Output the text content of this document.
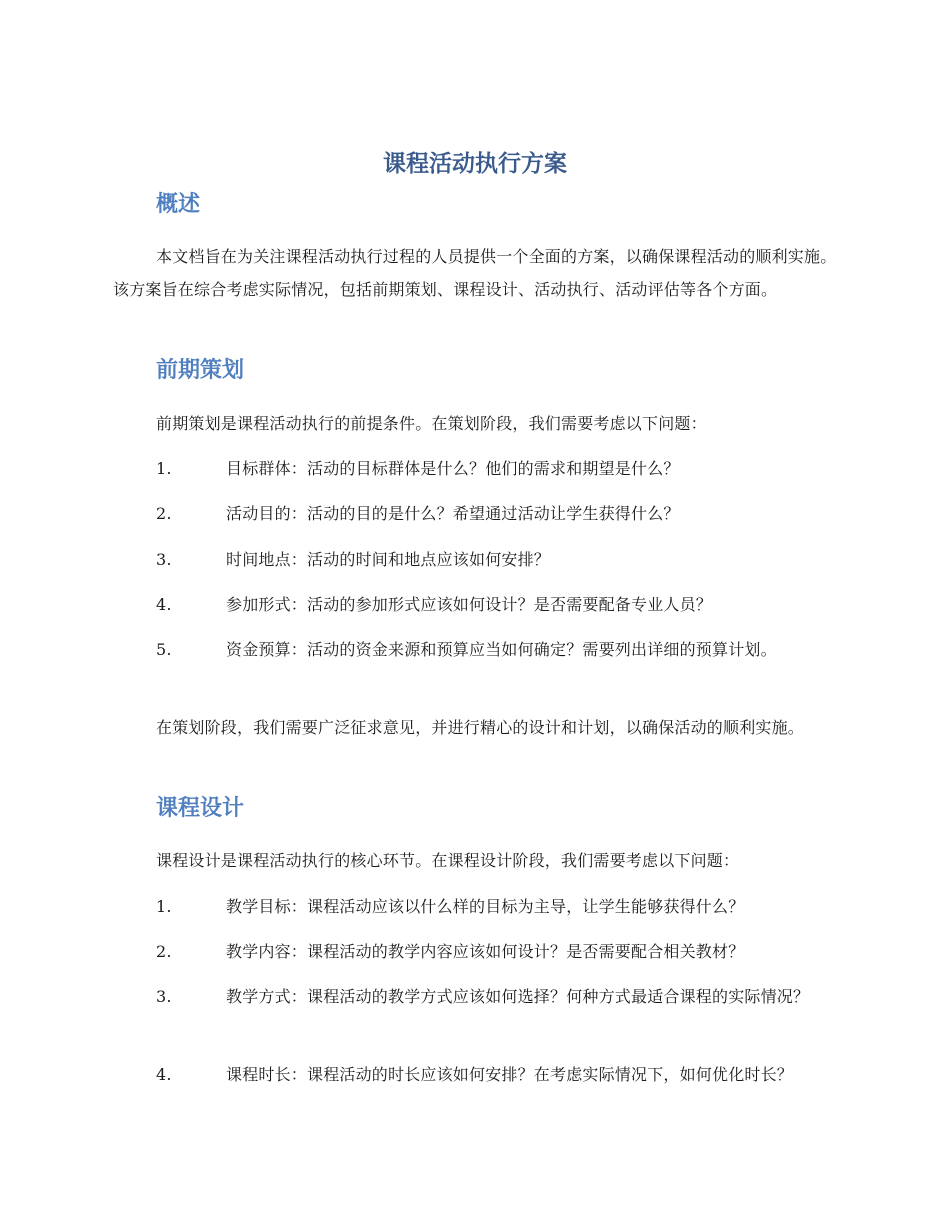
课程活动执行方案
概述
本文档旨在为关注课程活动执行过程的人员提供一个全面的方案，以确保课程活动的顺利实施。该方案旨在综合考虑实际情况，包括前期策划、课程设计、活动执行、活动评估等各个方面。
前期策划
前期策划是课程活动执行的前提条件。在策划阶段，我们需要考虑以下问题：
1.	目标群体：活动的目标群体是什么？他们的需求和期望是什么？
2.	活动目的：活动的目的是什么？希望通过活动让学生获得什么？
3.	时间地点：活动的时间和地点应该如何安排？
4.	参加形式：活动的参加形式应该如何设计？是否需要配备专业人员？
5.	资金预算：活动的资金来源和预算应当如何确定？需要列出详细的预算计划。
在策划阶段，我们需要广泛征求意见，并进行精心的设计和计划，以确保活动的顺利实施。
课程设计
课程设计是课程活动执行的核心环节。在课程设计阶段，我们需要考虑以下问题：
1.	教学目标：课程活动应该以什么样的目标为主导，让学生能够获得什么？
2.	教学内容：课程活动的教学内容应该如何设计？是否需要配合相关教材？
3.	教学方式：课程活动的教学方式应该如何选择？何种方式最适合课程的实际情况？
4.	课程时长：课程活动的时长应该如何安排？在考虑实际情况下，如何优化时长？
